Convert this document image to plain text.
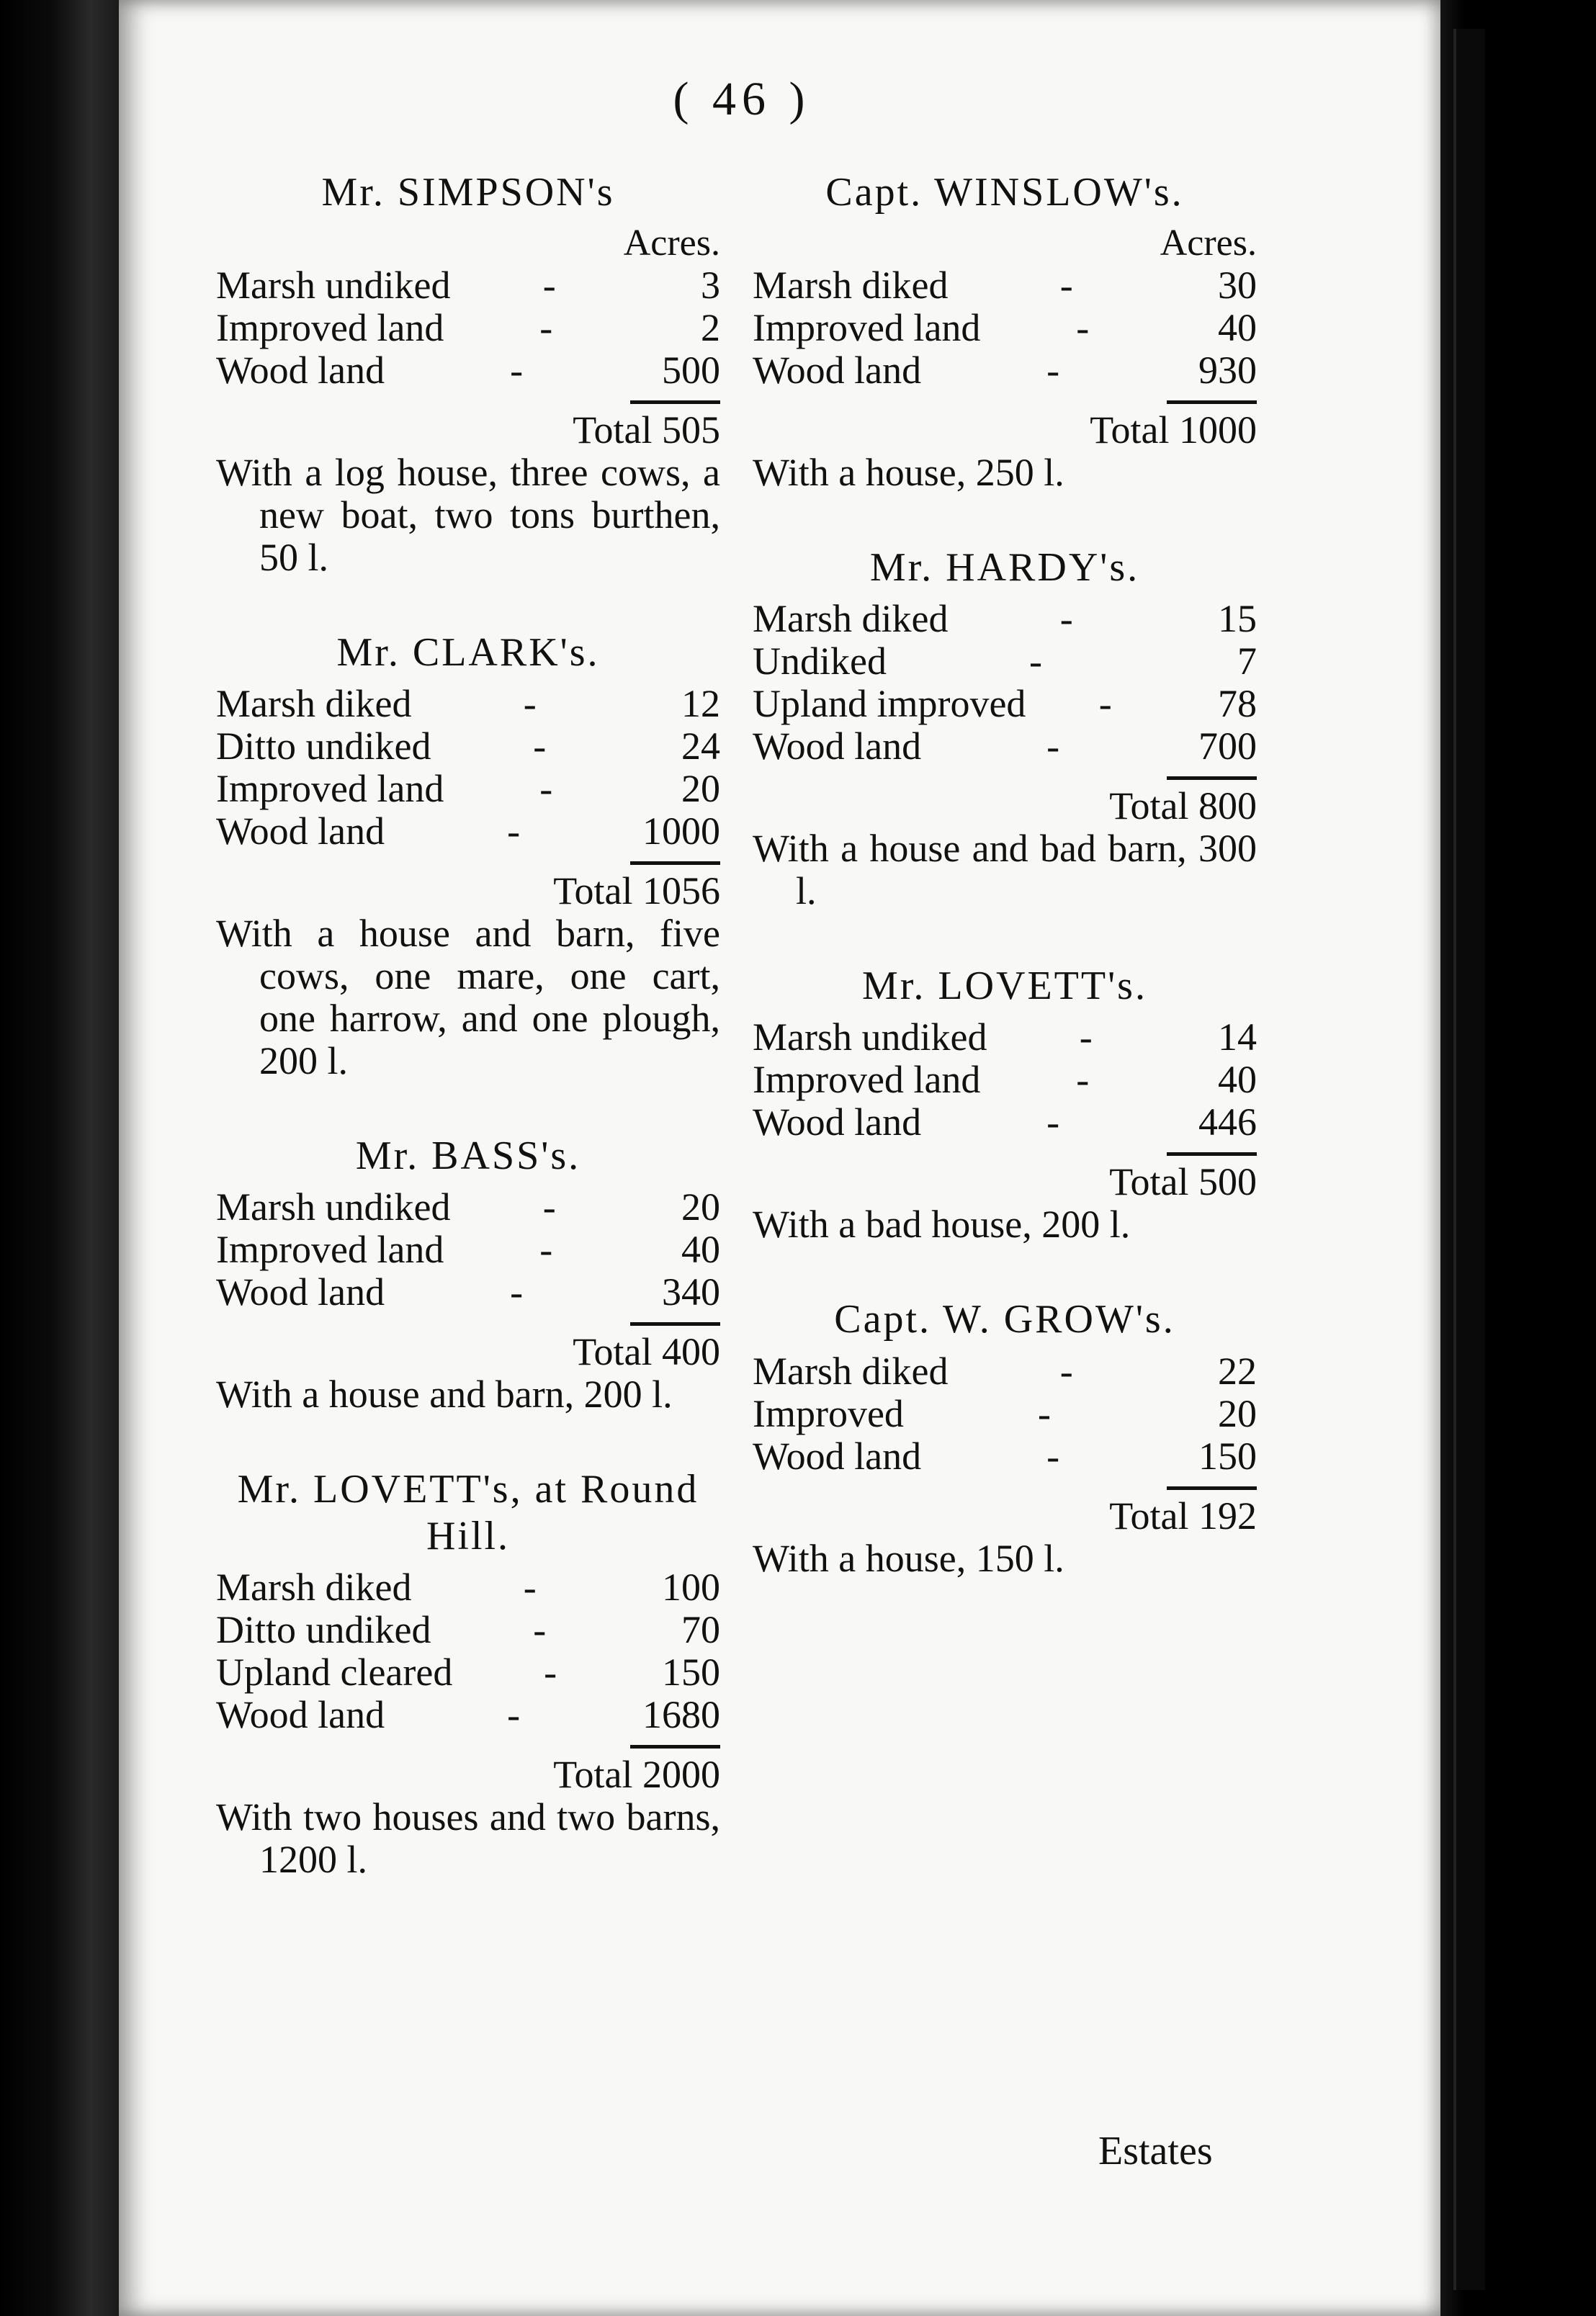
( 46 )
Mr. SIMPSON's
Acres.
Marsh undiked	-	3
Improved land	-	2
Wood land	-	500
Total 505
With a log house, three cows, a new boat, two tons burthen, 50 l.
Mr. CLARK's.
Marsh diked	-	12
Ditto undiked	-	24
Improved land	-	20
Wood land	-	1000
Total 1056
With a house and barn, five cows, one mare, one cart, one harrow, and one plough, 200 l.
Mr. BASS's.
Marsh undiked	-	20
Improved land	-	40
Wood land	-	340
Total 400
With a house and barn, 200 l.
Mr. LOVETT's, at Round Hill.
Marsh diked	-	100
Ditto undiked	-	70
Upland cleared	-	150
Wood land	-	1680
Total 2000
With two houses and two barns, 1200 l.
Capt. WINSLOW's.
Acres.
Marsh diked	-	30
Improved land	-	40
Wood land	-	930
Total 1000
With a house, 250 l.
Mr. HARDY's.
Marsh diked	-	15
Undiked	-	7
Upland improved	-	78
Wood land	-	700
Total 800
With a house and bad barn, 300 l.
Mr. LOVETT's.
Marsh undiked	-	14
Improved land	-	40
Wood land	-	446
Total 500
With a bad house, 200 l.
Capt. W. GROW's.
Marsh diked	-	22
Improved	-	20
Wood land	-	150
Total 192
With a house, 150 l.
Estates
